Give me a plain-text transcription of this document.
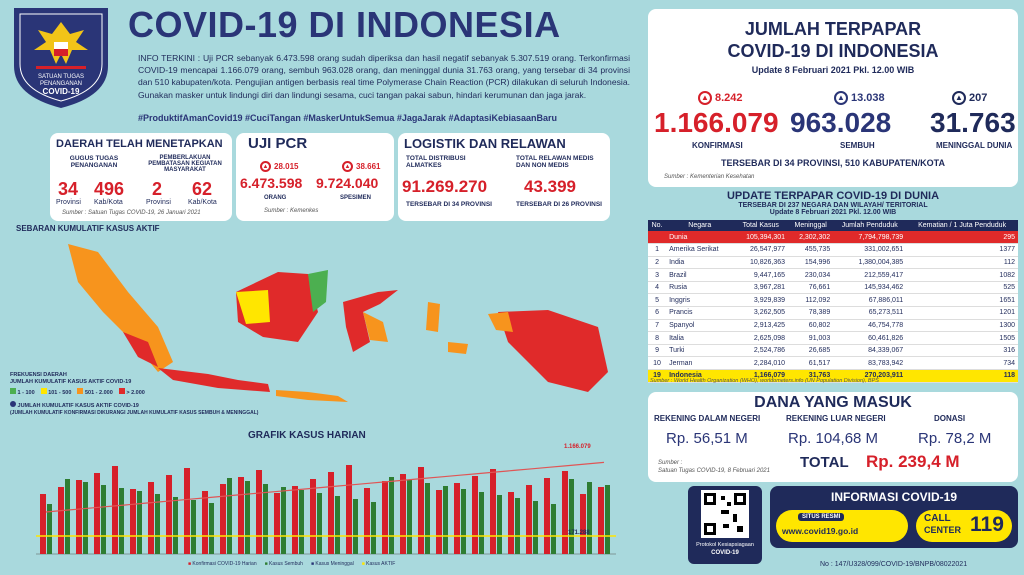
SATUAN TUGAS
PENANGANAN
COVID-19
COVID-19 DI INDONESIA
INFO TERKINI : Uji PCR sebanyak 6.473.598 orang sudah diperiksa dan hasil negatif sebanyak 5.307.519 orang. Terkonfirmasi COVID-19 mencapai 1.166.079 orang, sembuh 963.028 orang, dan meninggal dunia 31.763 orang, yang tersebar di 34 provinsi dan 510 kabupaten/kota. Pengujian antigen berbasis real time Polymerase Chain Reaction (PCR) dilakukan di seluruh Indonesia. Gunakan masker untuk lindungi diri dan lindungi sesama, cuci tangan pakai sabun, hindari kerumunan dan jaga jarak.
#ProduktifAmanCovid19 #CuciTangan #MaskerUntukSemua #JagaJarak #AdaptasiKebiasaanBaru
JUMLAH TERPAPAR
COVID-19 DI INDONESIA
Update 8 Februari 2021 Pkl. 12.00 WIB
▲ 8.242
1.166.079
KONFIRMASI
▲ 13.038
963.028
SEMBUH
▲ 207
31.763
MENINGGAL DUNIA
TERSEBAR DI 34 PROVINSI, 510 KABUPATEN/KOTA
Sumber : Kementerian Kesehatan
DAERAH TELAH MENETAPKAN
GUGUS TUGAS PENANGANAN
PEMBERLAKUAN PEMBATASAN KEGIATAN MASYARAKAT
34
Provinsi
496
Kab/Kota
2
Provinsi
62
Kab/Kota
Sumber : Satuan Tugas COVID-19, 26 Januari 2021
UJI PCR
▲ 28.015
6.473.598
ORANG
▲ 38.661
9.724.040
SPESIMEN
Sumber : Kemenkes
LOGISTIK DAN RELAWAN
TOTAL DISTRIBUSI ALMATKES
TOTAL RELAWAN MEDIS DAN NON MEDIS
91.269.270 43.399
TERSEBAR DI 34 PROVINSI	TERSEBAR DI 26 PROVINSI
SEBARAN KUMULATIF KASUS AKTIF
FREKUENSI DAERAH
JUMLAH KUMULATIF KASUS AKTIF COVID-19
1 - 100	101 - 500	501 - 2.000	> 2.000
JUMLAH KUMULATIF KASUS AKTIF COVID-19
(JUMLAH KUMULATIF KONFIRMASI DIKURANGI JUMLAH KUMULATIF KASUS SEMBUH & MENINGGAL)
GRAFIK KASUS HARIAN
1.166.079
171.288
■ Konfirmasi COVID-19 Harian ■ Kasus Sembuh ■ Kasus Meninggal ■ Kasus AKTIF
UPDATE TERPAPAR COVID-19 DI DUNIA
TERSEBAR DI 237 NEGARA DAN WILAYAH/ TERITORIAL
Update 8 Februari 2021 Pkl. 12.00 WIB
No.	Negara	Total Kasus	Meninggal	Jumlah Penduduk	Kematian / 1 Juta Penduduk
	Dunia	105,394,301	2,302,302	7,794,798,739	295
1	Amerika Serikat	26,547,977	455,735	331,002,651	1377
2	India	10,826,363	154,996	1,380,004,385	112
3	Brazil	9,447,165	230,034	212,559,417	1082
4	Rusia	3,967,281	76,661	145,934,462	525
5	Inggris	3,929,839	112,092	67,886,011	1651
6	Prancis	3,262,505	78,389	65,273,511	1201
7	Spanyol	2,913,425	60,802	46,754,778	1300
8	Italia	2,625,098	91,003	60,461,826	1505
9	Turki	2,524,786	26,685	84,339,067	316
10	Jerman	2,284,010	61,517	83,783,942	734
19	Indonesia	1,166,079	31,763	270,203,911	118
Sumber : World Health Organization (WHO), worldometers.info (UN Population Division), BPS
DANA YANG MASUK
REKENING DALAM NEGERI
Rp. 56,51 M
REKENING LUAR NEGERI
Rp. 104,68 M
DONASI
Rp. 78,2 M
Sumber :
Satuan Tugas COVID-19, 8 Februari 2021 TOTAL Rp. 239,4 M
Protokol Kesiapsiagaan
COVID-19
INFORMASI COVID-19
SITUS RESMI
www.covid19.go.id
CALL
CENTER 119
No : 147/U328/099/COVID-19/BNPB/08022021
